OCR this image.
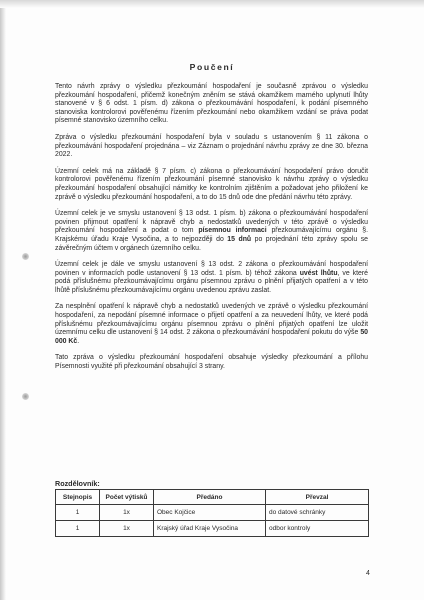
Poučení

Tento návrh zprávy o výsledku přezkoumání hospodaření je současně zprávou o výsledku přezkoumání hospodaření, přičemž konečným zněním se stává okamžikem marného uplynutí lhůty stanovené v § 6 odst. 1 písm. d) zákona o přezkoumávání hospodaření, k podání písemného stanoviska kontrolorovi pověřenému řízením přezkoumání nebo okamžikem vzdání se práva podat písemné stanovisko územního celku.

Zpráva o výsledku přezkoumání hospodaření byla v souladu s ustanovením § 11 zákona o přezkoumávání hospodaření projednána – viz Záznam o projednání návrhu zprávy ze dne 30. března 2022.

Územní celek má na základě § 7 písm. c) zákona o přezkoumávání hospodaření právo doručit kontrolorovi pověřenému řízením přezkoumání písemné stanovisko k návrhu zprávy o výsledku přezkoumání hospodaření obsahující námitky ke kontrolním zjištěním a požadovat jeho přiložení ke zprávě o výsledku přezkoumání hospodaření, a to do 15 dnů ode dne předání návrhu této zprávy.

Územní celek je ve smyslu ustanovení § 13 odst. 1 písm. b) zákona o přezkoumávání hospodaření povinen přijmout opatření k nápravě chyb a nedostatků uvedených v této zprávě o výsledku přezkoumání hospodaření a podat o tom písemnou informaci přezkoumávajícímu orgánu §. Krajskému úřadu Kraje Vysočina, a to nejpozději do 15 dnů po projednání této zprávy spolu se závěrečným účtem v orgánech územního celku.

Územní celek je dále ve smyslu ustanovení § 13 odst. 2 zákona o přezkoumávání hospodaření povinen v informacích podle ustanovení § 13 odst. 1 písm. b) téhož zákona uvést lhůtu, ve které podá příslušnému přezkoumávajícímu orgánu písemnou zprávu o plnění přijatých opatření a v této lhůtě příslušnému přezkoumávajícímu orgánu uvedenou zprávu zaslat.

Za nesplnění opatření k nápravě chyb a nedostatků uvedených ve zprávě o výsledku přezkoumání hospodaření, za nepodání písemné informace o přijetí opatření a za neuvedení lhůty, ve které podá příslušnému přezkoumávajícímu orgánu písemnou zprávu o plnění přijatých opatření lze uložit územnímu celku dle ustanovení § 14 odst. 2 zákona o přezkoumávání hospodaření pokutu do výše 50 000 Kč.

Tato zpráva o výsledku přezkoumání hospodaření obsahuje výsledky přezkoumání a přílohu Písemnosti využité při přezkoumání obsahující 3 strany.

Rozdělovník:
Stejnopis	Počet výtisků	Předáno	Převzal
1	1x	Obec Kojčice	do datové schránky
1	1x	Krajský úřad Kraje Vysočina	odbor kontroly
4
